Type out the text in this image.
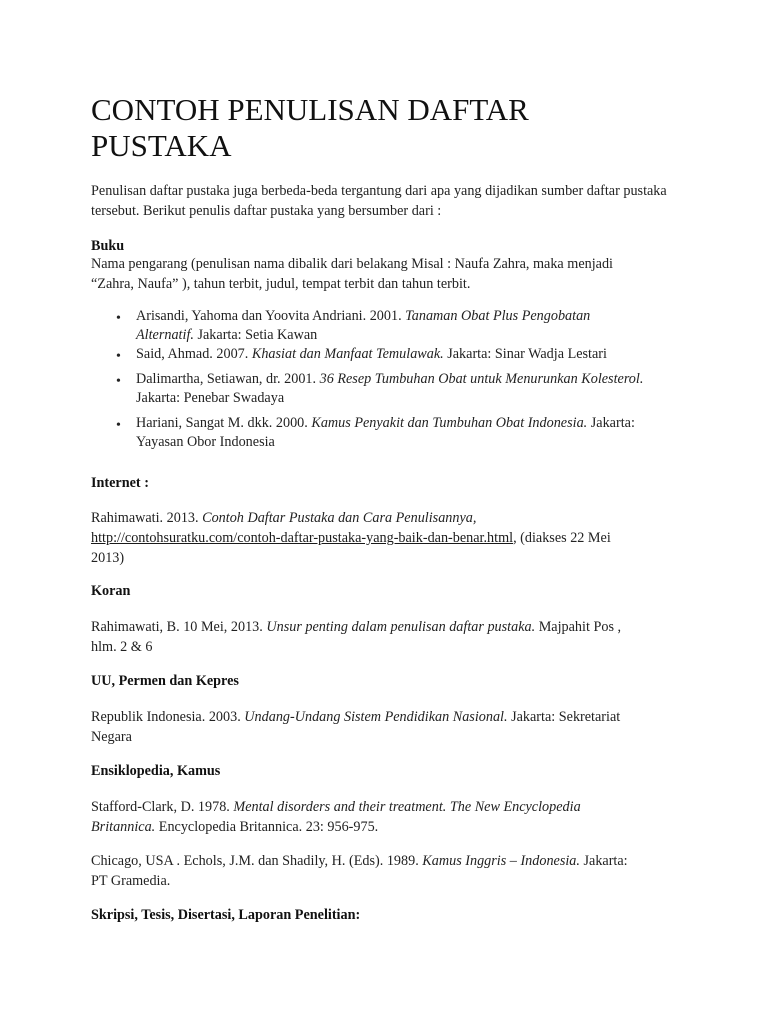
CONTOH PENULISAN DAFTAR
PUSTAKA

Penulisan daftar pustaka juga berbeda-beda tergantung dari apa yang dijadikan sumber daftar pustaka tersebut. Berikut penulis daftar pustaka yang bersumber dari :

Buku

Nama pengarang (penulisan nama dibalik dari belakang Misal : Naufa Zahra, maka menjadi
“Zahra, Naufa” ), tahun terbit, judul, tempat terbit dan tahun terbit.

• Arisandi, Yahoma dan Yoovita Andriani. 2001. Tanaman Obat Plus Pengobatan
Alternatif. Jakarta: Setia Kawan
• Said, Ahmad. 2007. Khasiat dan Manfaat Temulawak. Jakarta: Sinar Wadja Lestari
• Dalimartha, Setiawan, dr. 2001. 36 Resep Tumbuhan Obat untuk Menurunkan Kolesterol.
Jakarta: Penebar Swadaya
• Hariani, Sangat M. dkk. 2000. Kamus Penyakit dan Tumbuhan Obat Indonesia. Jakarta:
Yayasan Obor Indonesia

Internet :

Rahimawati. 2013. Contoh Daftar Pustaka dan Cara Penulisannya,
http://contohsuratku.com/contoh-daftar-pustaka-yang-baik-dan-benar.html, (diakses 22 Mei
2013)

Koran

Rahimawati, B. 10 Mei, 2013. Unsur penting dalam penulisan daftar pustaka. Majpahit Pos ,
hlm. 2 & 6

UU, Permen dan Kepres

Republik Indonesia. 2003. Undang-Undang Sistem Pendidikan Nasional. Jakarta: Sekretariat
Negara

Ensiklopedia, Kamus

Stafford-Clark, D. 1978. Mental disorders and their treatment. The New Encyclopedia
Britannica. Encyclopedia Britannica. 23: 956-975.

Chicago, USA . Echols, J.M. dan Shadily, H. (Eds). 1989. Kamus Inggris – Indonesia. Jakarta:
PT Gramedia.

Skripsi, Tesis, Disertasi, Laporan Penelitian:
